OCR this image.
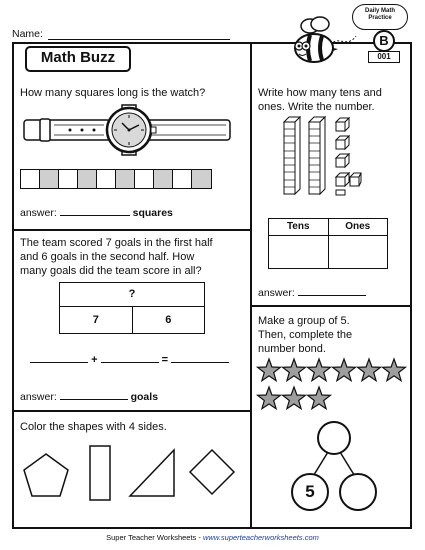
Name:
Math Buzz
Daily Math
Practice
B
001
How many squares long is the watch?
answer:	squares
Write how many tens and
ones. Write the number.
Tens	Ones
answer:
The team scored 7 goals in the first half
and 6 goals in the second half. How
many goals did the team score in all?
?
7	6
+	=
answer:	goals
Make a group of 5.
Then, complete the
number bond.
5
Color the shapes with 4 sides.
Super Teacher Worksheets - www.superteacherworksheets.com
